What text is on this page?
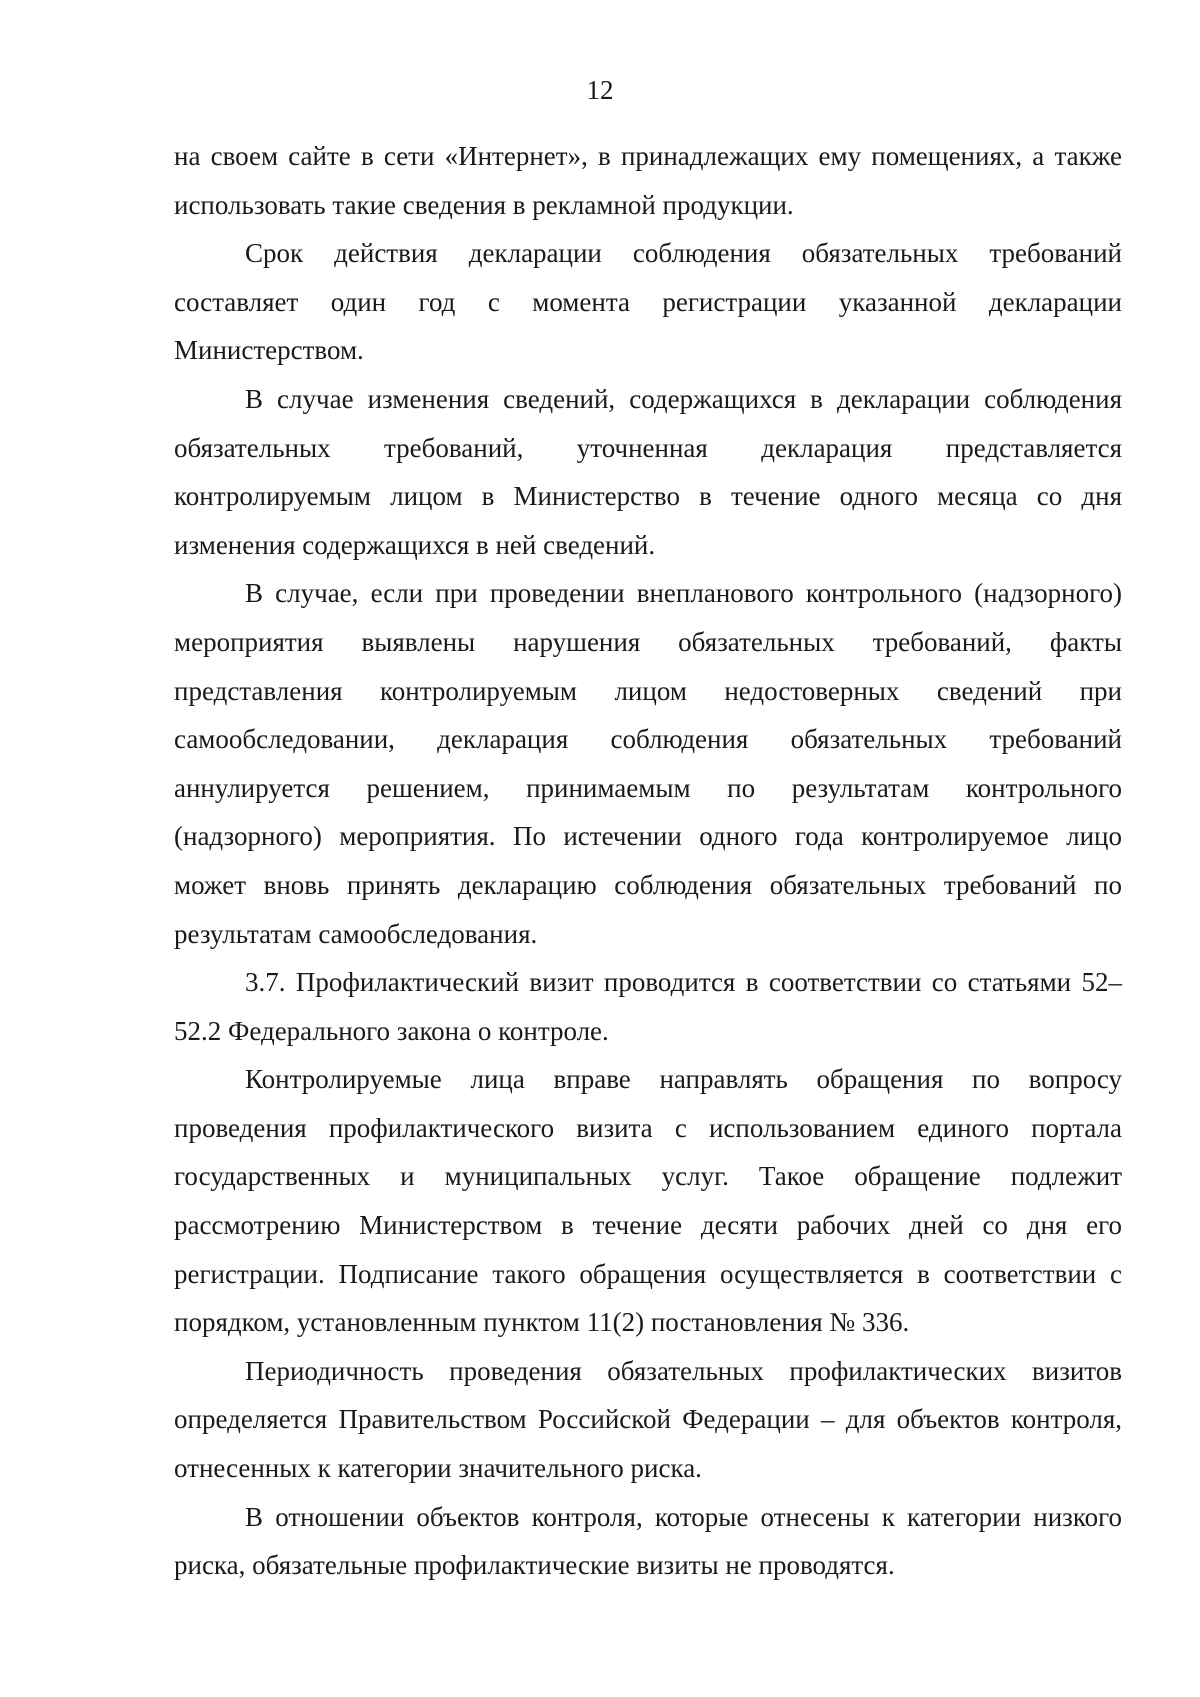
12

на своем сайте в сети «Интернет», в принадлежащих ему помещениях, а также использовать такие сведения в рекламной продукции.

Срок действия декларации соблюдения обязательных требований составляет один год с момента регистрации указанной декларации Министерством.

В случае изменения сведений, содержащихся в декларации соблюдения обязательных требований, уточненная декларация представляется контролируемым лицом в Министерство в течение одного месяца со дня изменения содержащихся в ней сведений.

В случае, если при проведении внепланового контрольного (надзорного) мероприятия выявлены нарушения обязательных требований, факты представления контролируемым лицом недостоверных сведений при самообследовании, декларация соблюдения обязательных требований аннулируется решением, принимаемым по результатам контрольного (надзорного) мероприятия. По истечении одного года контролируемое лицо может вновь принять декларацию соблюдения обязательных требований по результатам самообследования.

3.7. Профилактический визит проводится в соответствии со статьями 52–52.2 Федерального закона о контроле.

Контролируемые лица вправе направлять обращения по вопросу проведения профилактического визита с использованием единого портала государственных и муниципальных услуг. Такое обращение подлежит рассмотрению Министерством в течение десяти рабочих дней со дня его регистрации. Подписание такого обращения осуществляется в соответствии с порядком, установленным пунктом 11(2) постановления № 336.

Периодичность проведения обязательных профилактических визитов определяется Правительством Российской Федерации – для объектов контроля, отнесенных к категории значительного риска.

В отношении объектов контроля, которые отнесены к категории низкого риска, обязательные профилактические визиты не проводятся.
